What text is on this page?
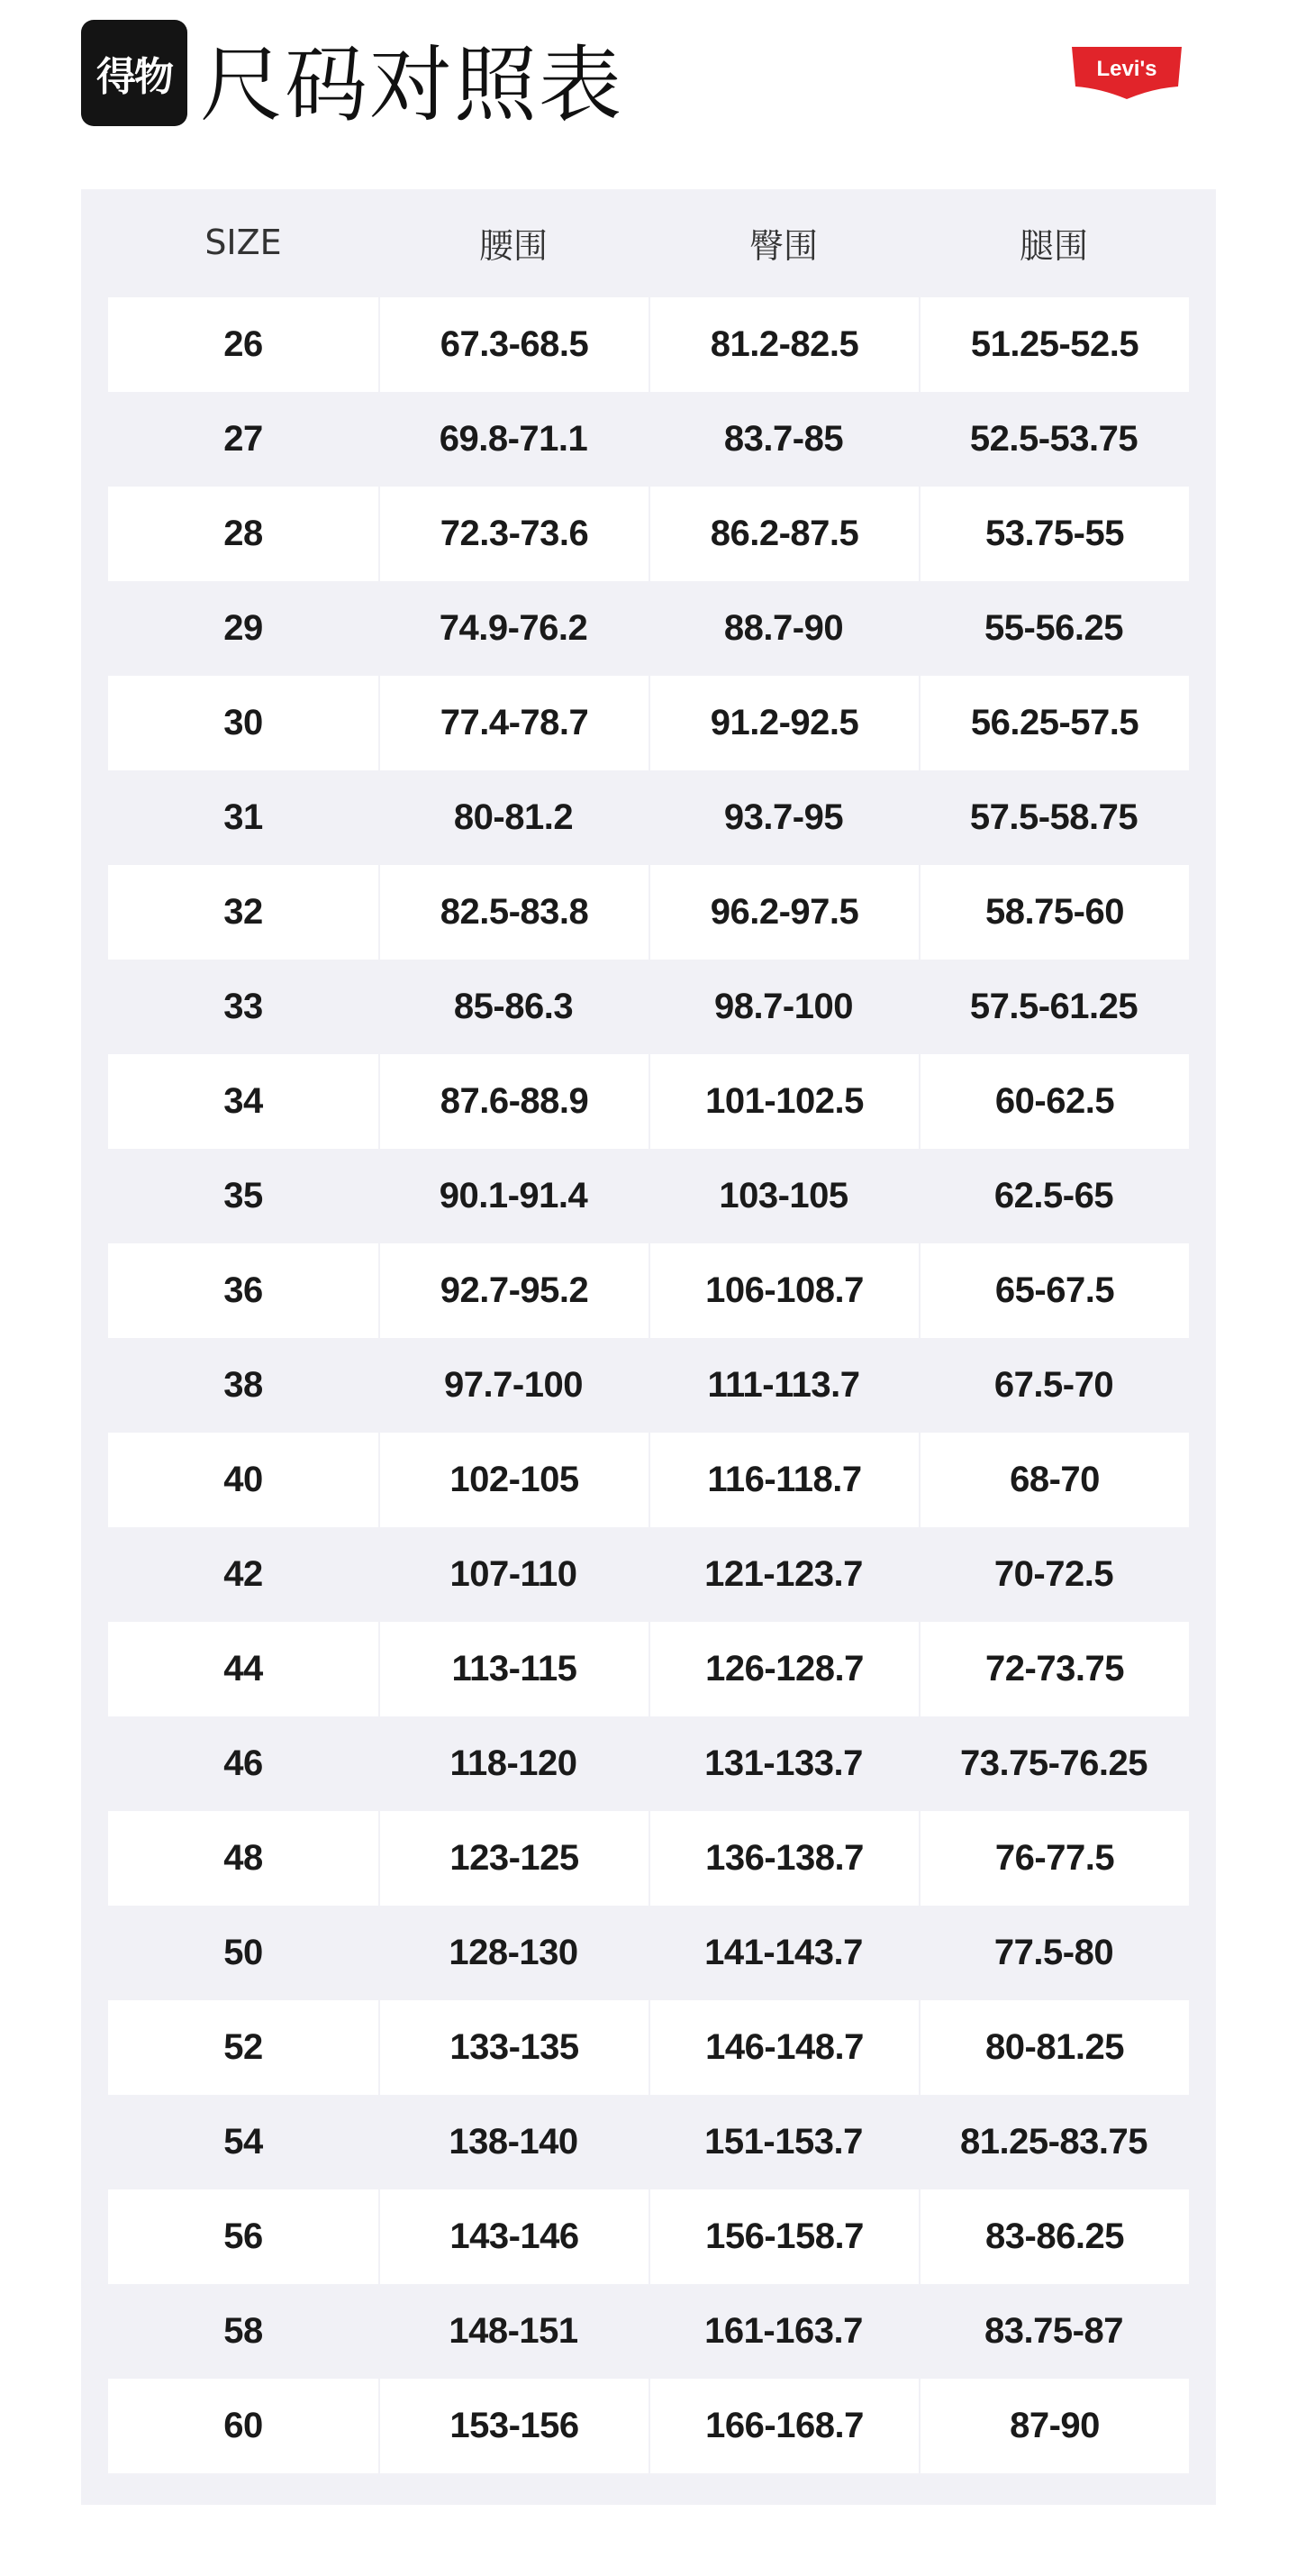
得物 尺码对照表	Levi's
SIZE	腰围	臀围	腿围
26	67.3-68.5	81.2-82.5	51.25-52.5
27	69.8-71.1	83.7-85	52.5-53.75
28	72.3-73.6	86.2-87.5	53.75-55
29	74.9-76.2	88.7-90	55-56.25
30	77.4-78.7	91.2-92.5	56.25-57.5
31	80-81.2	93.7-95	57.5-58.75
32	82.5-83.8	96.2-97.5	58.75-60
33	85-86.3	98.7-100	57.5-61.25
34	87.6-88.9	101-102.5	60-62.5
35	90.1-91.4	103-105	62.5-65
36	92.7-95.2	106-108.7	65-67.5
38	97.7-100	111-113.7	67.5-70
40	102-105	116-118.7	68-70
42	107-110	121-123.7	70-72.5
44	113-115	126-128.7	72-73.75
46	118-120	131-133.7	73.75-76.25
48	123-125	136-138.7	76-77.5
50	128-130	141-143.7	77.5-80
52	133-135	146-148.7	80-81.25
54	138-140	151-153.7	81.25-83.75
56	143-146	156-158.7	83-86.25
58	148-151	161-163.7	83.75-87
60	153-156	166-168.7	87-90
